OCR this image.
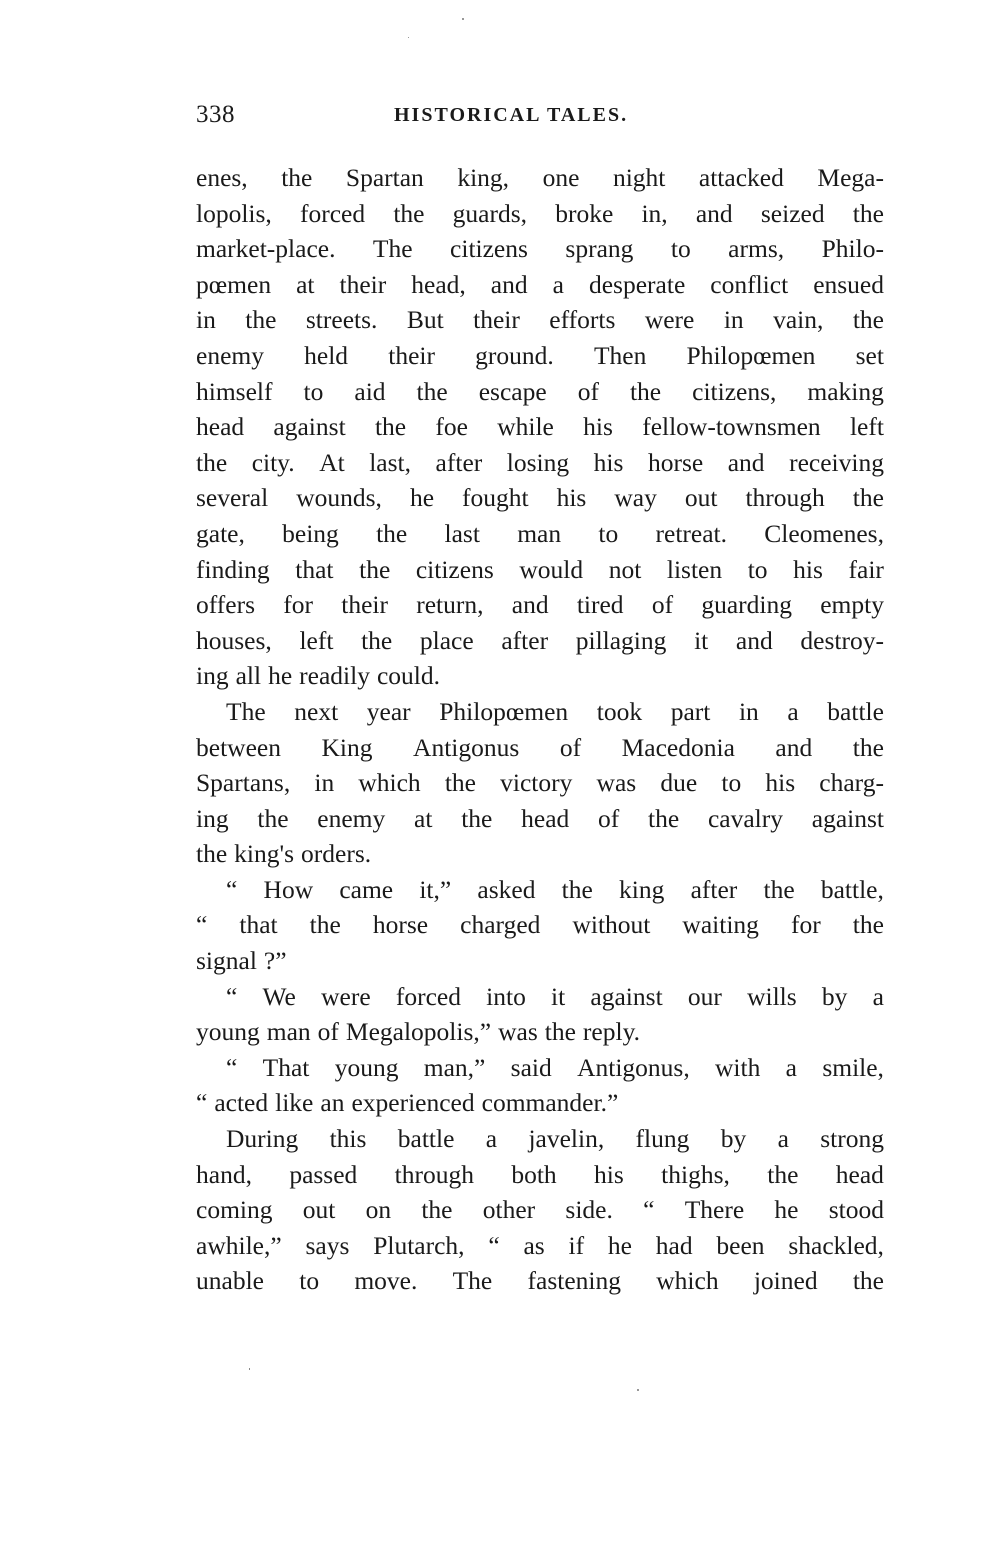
338	HISTORICAL TALES.
enes, the Spartan king, one night attacked Mega-
lopolis, forced the guards, broke in, and seized the
market-place. The citizens sprang to arms, Philo-
pœmen at their head, and a desperate conflict ensued
in the streets. But their efforts were in vain, the
enemy held their ground. Then Philopœmen set
himself to aid the escape of the citizens, making
head against the foe while his fellow-townsmen left
the city. At last, after losing his horse and receiving
several wounds, he fought his way out through the
gate, being the last man to retreat. Cleomenes,
finding that the citizens would not listen to his fair
offers for their return, and tired of guarding empty
houses, left the place after pillaging it and destroy-
ing all he readily could.
The next year Philopœmen took part in a battle
between King Antigonus of Macedonia and the
Spartans, in which the victory was due to his charg-
ing the enemy at the head of the cavalry against
the king's orders.
“ How came it,” asked the king after the battle,
“ that the horse charged without waiting for the
signal ?”
“ We were forced into it against our wills by a
young man of Megalopolis,” was the reply.
“ That young man,” said Antigonus, with a smile,
“ acted like an experienced commander.”
During this battle a javelin, flung by a strong
hand, passed through both his thighs, the head
coming out on the other side. “ There he stood
awhile,” says Plutarch, “ as if he had been shackled,
unable to move. The fastening which joined the
